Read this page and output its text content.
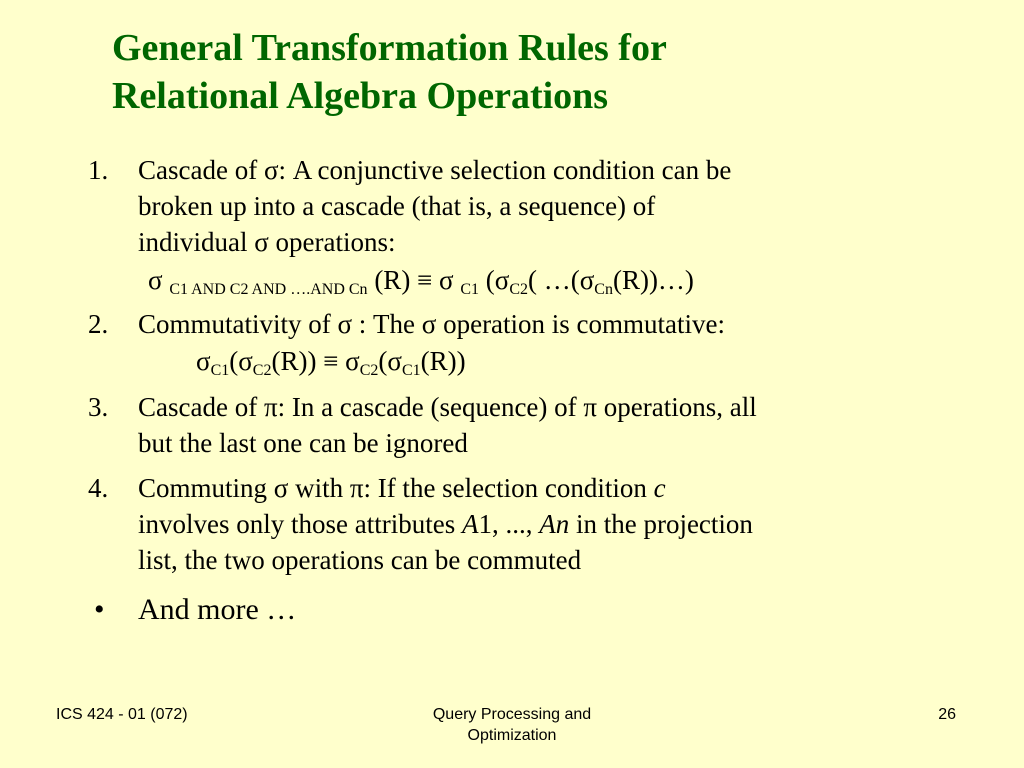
General Transformation Rules for
Relational Algebra Operations
1. Cascade of σ: A conjunctive selection condition can be
broken up into a cascade (that is, a sequence) of
individual σ operations:
σ $_{C1 AND C2 AND \dots.AND Cn}$ (R) ≡ σ $_{C1}$ ($\sigma_{C2}$( $\dots(\sigma_{Cn}(R))\dots$)
2. Commutativity of σ : The σ operation is commutative:
$\sigma_{C1}(\sigma_{C2}(R)) \equiv \sigma_{C2}(\sigma_{C1}(R))$
3. Cascade of π: In a cascade (sequence) of π operations, all
but the last one can be ignored
4. Commuting σ with π: If the selection condition c
involves only those attributes A1, ..., An in the projection
list, the two operations can be commuted
• And more …
ICS 424 - 01 (072)	Query Processing and
Optimization
26
